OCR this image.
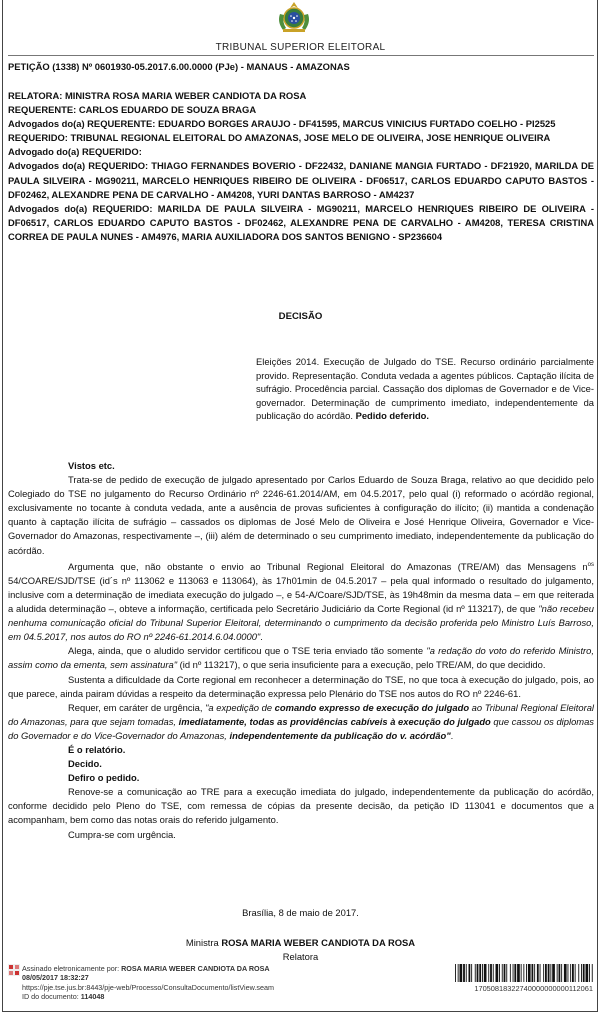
TRIBUNAL SUPERIOR ELEITORAL
PETIÇÃO (1338) Nº 0601930-05.2017.6.00.0000 (PJe) - MANAUS - AMAZONAS
RELATORA: MINISTRA ROSA MARIA WEBER CANDIOTA DA ROSA
REQUERENTE: CARLOS EDUARDO DE SOUZA BRAGA
Advogados do(a) REQUERENTE: EDUARDO BORGES ARAUJO - DF41595, MARCUS VINICIUS FURTADO COELHO - PI2525
REQUERIDO: TRIBUNAL REGIONAL ELEITORAL DO AMAZONAS, JOSE MELO DE OLIVEIRA, JOSE HENRIQUE OLIVEIRA
Advogado do(a) REQUERIDO:
Advogados do(a) REQUERIDO: THIAGO FERNANDES BOVERIO - DF22432, DANIANE MANGIA FURTADO - DF21920, MARILDA DE PAULA SILVEIRA - MG90211, MARCELO HENRIQUES RIBEIRO DE OLIVEIRA - DF06517, CARLOS EDUARDO CAPUTO BASTOS - DF02462, ALEXANDRE PENA DE CARVALHO - AM4208, YURI DANTAS BARROSO - AM4237
Advogados do(a) REQUERIDO: MARILDA DE PAULA SILVEIRA - MG90211, MARCELO HENRIQUES RIBEIRO DE OLIVEIRA - DF06517, CARLOS EDUARDO CAPUTO BASTOS - DF02462, ALEXANDRE PENA DE CARVALHO - AM4208, TERESA CRISTINA CORREA DE PAULA NUNES - AM4976, MARIA AUXILIADORA DOS SANTOS BENIGNO - SP236604
DECISÃO
Eleições 2014. Execução de Julgado do TSE. Recurso ordinário parcialmente provido. Representação. Conduta vedada a agentes públicos. Captação ilícita de sufrágio. Procedência parcial. Cassação dos diplomas de Governador e de Vice-governador. Determinação de cumprimento imediato, independentemente da publicação do acórdão. Pedido deferido.

Vistos etc.

Trata-se de pedido de execução de julgado apresentado por Carlos Eduardo de Souza Braga, relativo ao que decidido pelo Colegiado do TSE no julgamento do Recurso Ordinário nº 2246-61.2014/AM, em 04.5.2017, pelo qual (i) reformado o acórdão regional, exclusivamente no tocante à conduta vedada, ante a ausência de provas suficientes à configuração do ilícito; (ii) mantida a condenação quanto à captação ilícita de sufrágio – cassados os diplomas de José Melo de Oliveira e José Henrique Oliveira, Governador e Vice-Governador do Amazonas, respectivamente –, (iii) além de determinado o seu cumprimento imediato, independentemente da publicação do acórdão.

Argumenta que, não obstante o envio ao Tribunal Regional Eleitoral do Amazonas (TRE/AM) das Mensagens $n^{os}$ 54/COARE/SJD/TSE (id´s nº 113062 e 113063 e 113064), às 17h01min de 04.5.2017 – pela qual informado o resultado do julgamento, inclusive com a determinação de imediata execução do julgado –, e 54-A/Coare/SJD/TSE, às 19h48min da mesma data – em que reiterada a aludida determinação –, obteve a informação, certificada pelo Secretário Judiciário da Corte Regional (id nº 113217), de que "não recebeu nenhuma comunicação oficial do Tribunal Superior Eleitoral, determinando o cumprimento da decisão proferida pelo Ministro Luís Barroso, em 04.5.2017, nos autos do RO nº 2246-61.2014.6.04.0000".

Alega, ainda, que o aludido servidor certificou que o TSE teria enviado tão somente "a redação do voto do referido Ministro, assim como da ementa, sem assinatura" (id nº 113217), o que seria insuficiente para a execução, pelo TRE/AM, do que decidido.

Sustenta a dificuldade da Corte regional em reconhecer a determinação do TSE, no que toca à execução do julgado, pois, ao que parece, ainda pairam dúvidas a respeito da determinação expressa pelo Plenário do TSE nos autos do RO nº 2246-61.

Requer, em caráter de urgência, "a expedição de comando expresso de execução do julgado ao Tribunal Regional Eleitoral do Amazonas, para que sejam tomadas, imediatamente, todas as providências cabíveis à execução do julgado que cassou os diplomas do Governador e do Vice-Governador do Amazonas, independentemente da publicação do v. acórdão".

É o relatório.

Decido.

Defiro o pedido.

Renove-se a comunicação ao TRE para a execução imediata do julgado, independentemente da publicação do acórdão, conforme decidido pelo Pleno do TSE, com remessa de cópias da presente decisão, da petição ID 113041 e documentos que a acompanham, bem como das notas orais do referido julgamento.

Cumpra-se com urgência.

Brasília, 8 de maio de 2017.
Ministra ROSA MARIA WEBER CANDIOTA DA ROSA
Relatora
Assinado eletronicamente por: ROSA MARIA WEBER CANDIOTA DA ROSA
08/05/2017 18:32:27
https://pje.tse.jus.br:8443/pje-web/Processo/ConsultaDocumento/listView.seam
ID do documento: 114048
17050818322740000000000112061
